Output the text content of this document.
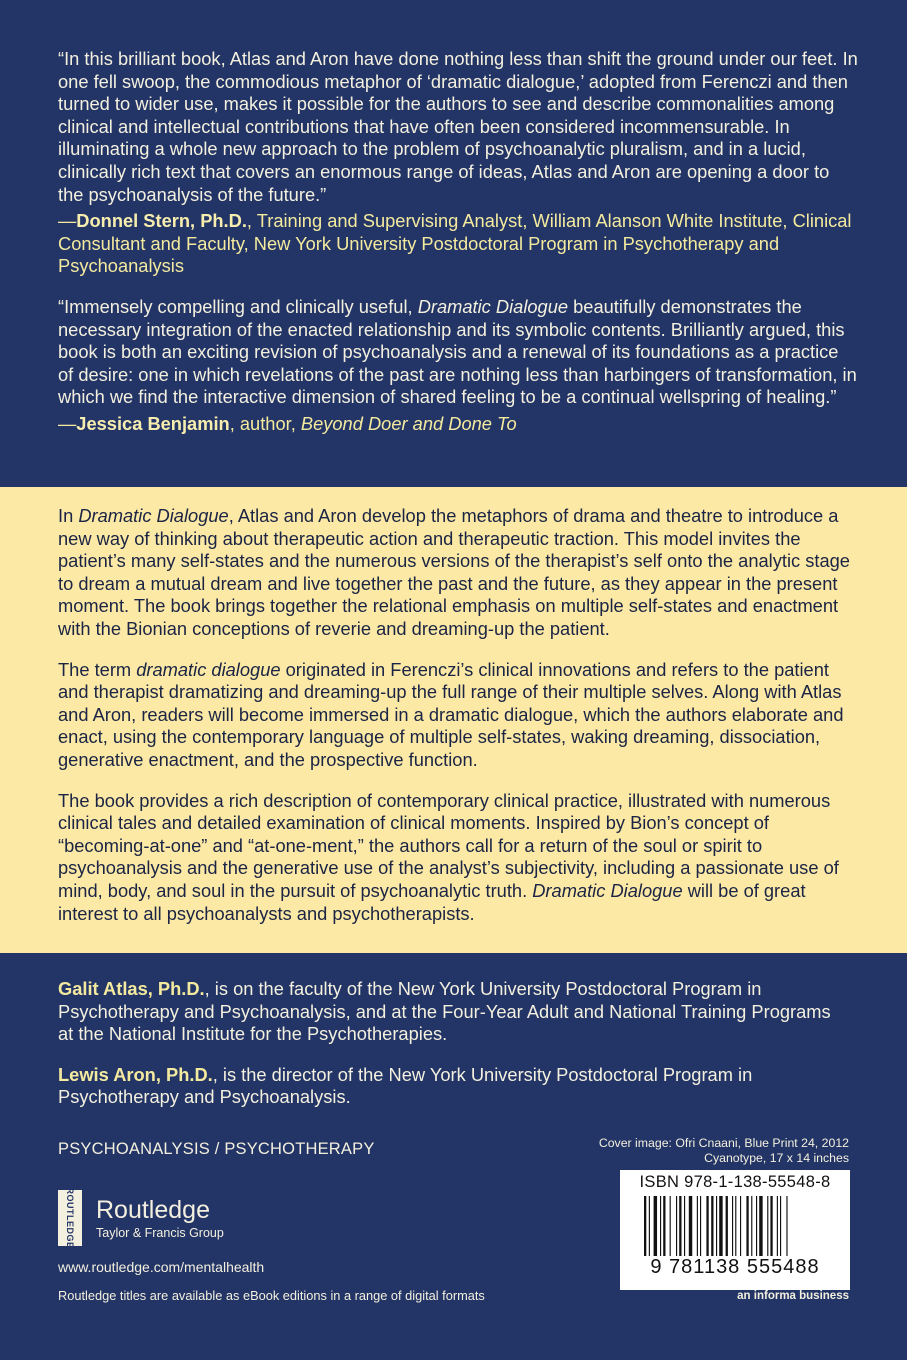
“In this brilliant book, Atlas and Aron have done nothing less than shift the ground under our feet. In one fell swoop, the commodious metaphor of ‘dramatic dialogue,’ adopted from Ferenczi and then turned to wider use, makes it possible for the authors to see and describe commonalities among clinical and intellectual contributions that have often been considered incommensurable. In illuminating a whole new approach to the problem of psychoanalytic pluralism, and in a lucid, clinically rich text that covers an enormous range of ideas, Atlas and Aron are opening a door to the psychoanalysis of the future.”

—Donnel Stern, Ph.D., Training and Supervising Analyst, William Alanson White Institute, Clinical Consultant and Faculty, New York University Postdoctoral Program in Psychotherapy and Psychoanalysis

“Immensely compelling and clinically useful, Dramatic Dialogue beautifully demonstrates the necessary integration of the enacted relationship and its symbolic contents. Brilliantly argued, this book is both an exciting revision of psychoanalysis and a renewal of its foundations as a practice of desire: one in which revelations of the past are nothing less than harbingers of transformation, in which we find the interactive dimension of shared feeling to be a continual wellspring of healing.”

—Jessica Benjamin, author, Beyond Doer and Done To

In Dramatic Dialogue, Atlas and Aron develop the metaphors of drama and theatre to introduce a new way of thinking about therapeutic action and therapeutic traction. This model invites the patient’s many self-states and the numerous versions of the therapist’s self onto the analytic stage to dream a mutual dream and live together the past and the future, as they appear in the present moment. The book brings together the relational emphasis on multiple self-states and enactment with the Bionian conceptions of reverie and dreaming-up the patient.

The term dramatic dialogue originated in Ferenczi’s clinical innovations and refers to the patient and therapist dramatizing and dreaming-up the full range of their multiple selves. Along with Atlas and Aron, readers will become immersed in a dramatic dialogue, which the authors elaborate and enact, using the contemporary language of multiple self-states, waking dreaming, dissociation, generative enactment, and the prospective function.

The book provides a rich description of contemporary clinical practice, illustrated with numerous clinical tales and detailed examination of clinical moments. Inspired by Bion’s concept of “becoming-at-one” and “at-one-ment,” the authors call for a return of the soul or spirit to psychoanalysis and the generative use of the analyst’s subjectivity, including a passionate use of mind, body, and soul in the pursuit of psychoanalytic truth. Dramatic Dialogue will be of great interest to all psychoanalysts and psychotherapists.

Galit Atlas, Ph.D., is on the faculty of the New York University Postdoctoral Program in Psychotherapy and Psychoanalysis, and at the Four-Year Adult and National Training Programs at the National Institute for the Psychotherapies.

Lewis Aron, Ph.D., is the director of the New York University Postdoctoral Program in Psychotherapy and Psychoanalysis.

PSYCHOANALYSIS / PSYCHOTHERAPY
ROUTLEDGE Routledge
Taylor & Francis Group
www.routledge.com/mentalhealth
Routledge titles are available as eBook editions in a range of digital formats
Cover image: Ofri Cnaani, Blue Print 24, 2012
Cyanotype, 17 x 14 inches
ISBN 978-1-138-55548-8
9 781138 555488
an informa business
